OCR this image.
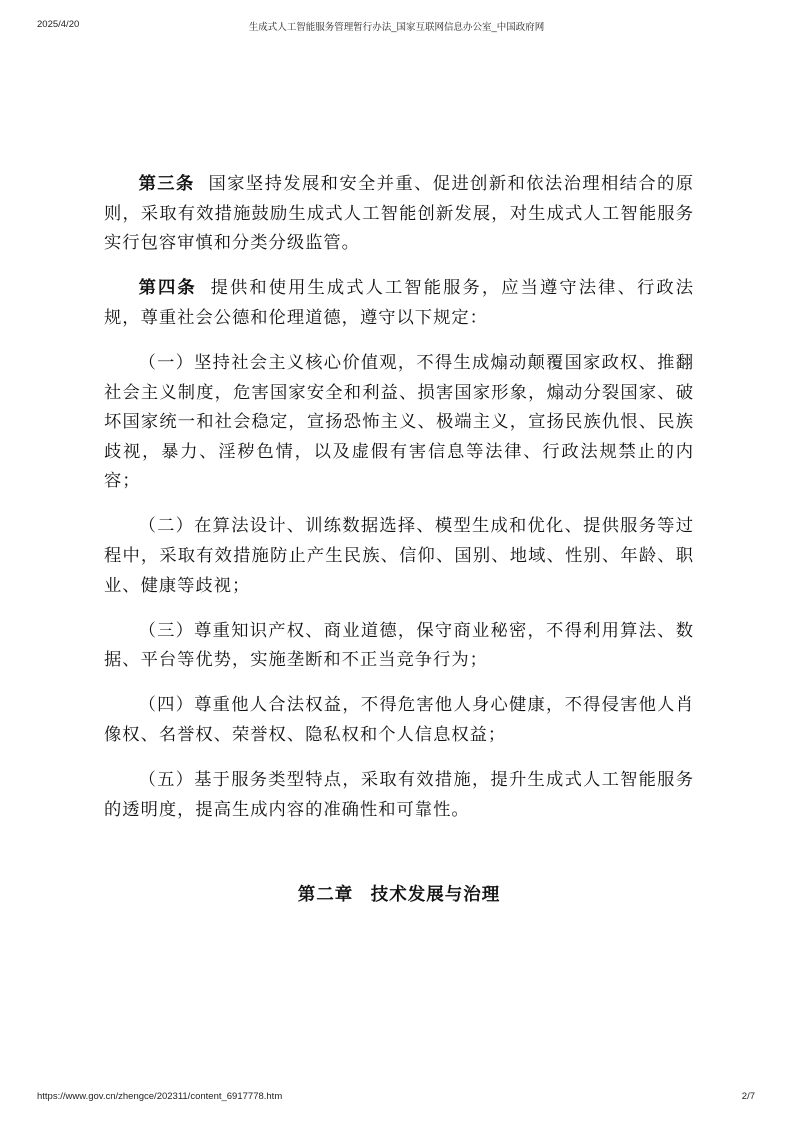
2025/4/20	生成式人工智能服务管理暂行办法_国家互联网信息办公室_中国政府网

第三条 国家坚持发展和安全并重、促进创新和依法治理相结合的原则，采取有效措施鼓励生成式人工智能创新发展，对生成式人工智能服务实行包容审慎和分类分级监管。

第四条 提供和使用生成式人工智能服务，应当遵守法律、行政法规，尊重社会公德和伦理道德，遵守以下规定：

（一）坚持社会主义核心价值观，不得生成煽动颠覆国家政权、推翻社会主义制度，危害国家安全和利益、损害国家形象，煽动分裂国家、破坏国家统一和社会稳定，宣扬恐怖主义、极端主义，宣扬民族仇恨、民族歧视，暴力、淫秽色情，以及虚假有害信息等法律、行政法规禁止的内容；

（二）在算法设计、训练数据选择、模型生成和优化、提供服务等过程中，采取有效措施防止产生民族、信仰、国别、地域、性别、年龄、职业、健康等歧视；

（三）尊重知识产权、商业道德，保守商业秘密，不得利用算法、数据、平台等优势，实施垄断和不正当竞争行为；

（四）尊重他人合法权益，不得危害他人身心健康，不得侵害他人肖像权、名誉权、荣誉权、隐私权和个人信息权益；

（五）基于服务类型特点，采取有效措施，提升生成式人工智能服务的透明度，提高生成内容的准确性和可靠性。

第二章 技术发展与治理
https://www.gov.cn/zhengce/202311/content_6917778.htm	2/7
